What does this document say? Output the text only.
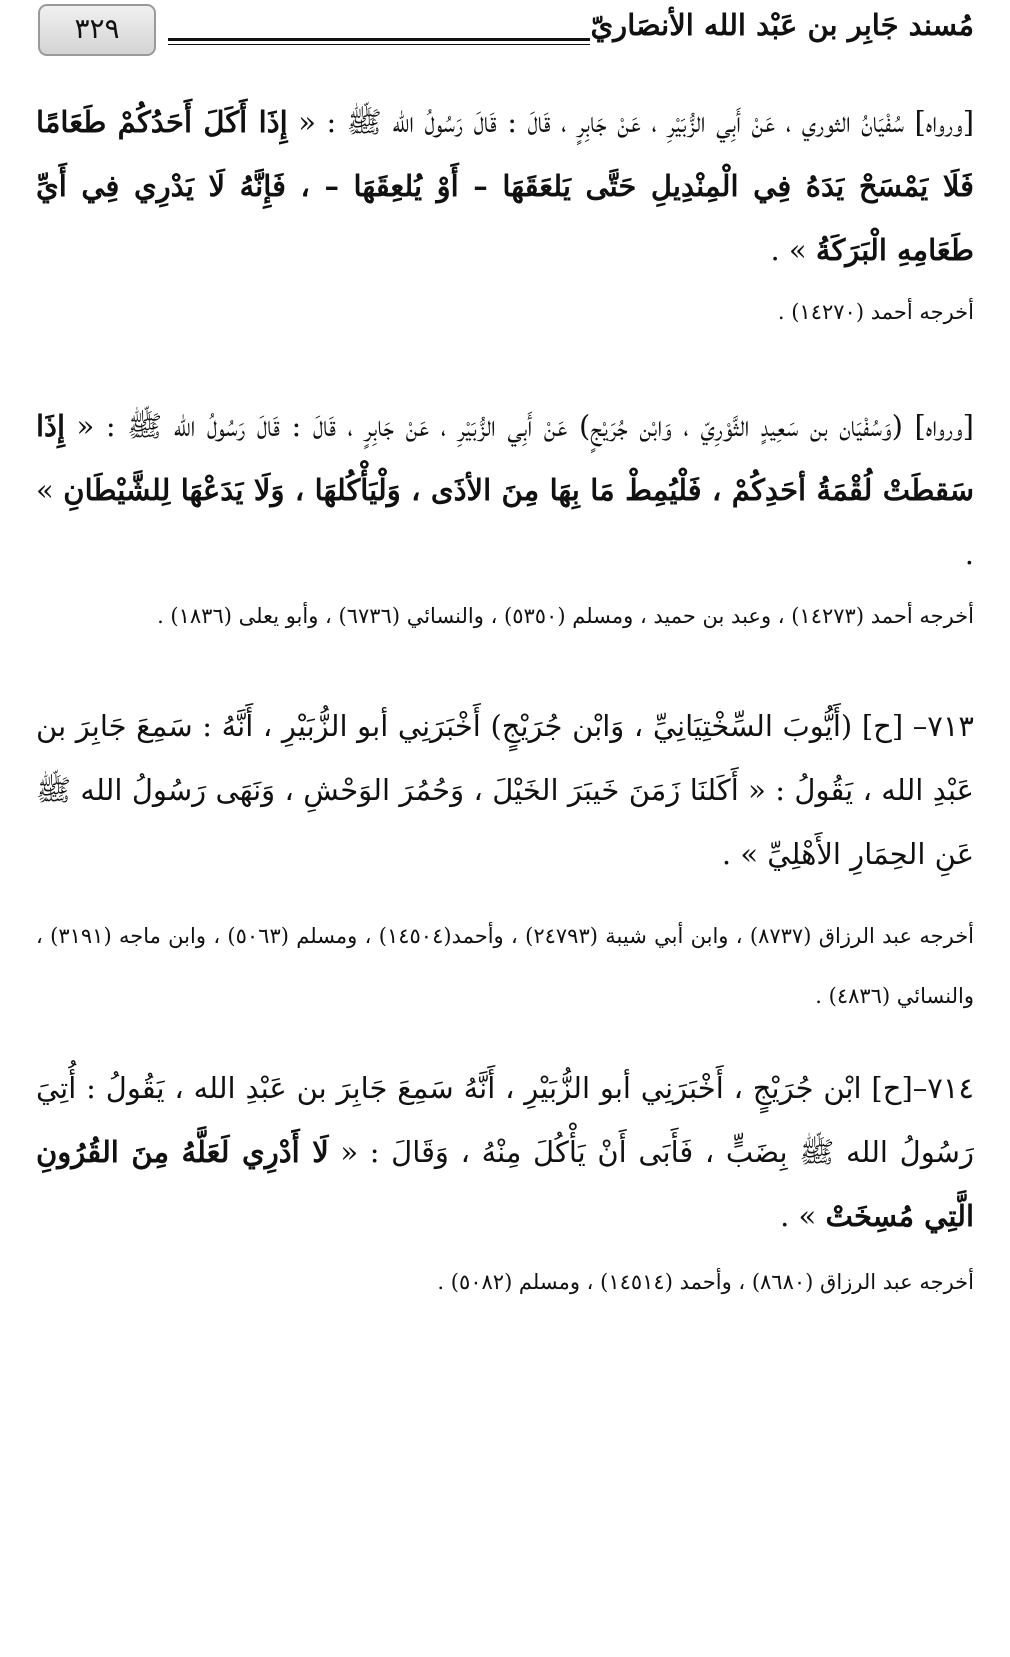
٣٢٩	مُسند جَابِر بن عَبْد الله الأنصَاريّ

[ورواه] سُفْيَانُ الثوري ، عَنْ أَبِي الزُّبَيْرِ ، عَنْ جَابِرٍ ، قَالَ : قَالَ رَسُولُ الله ﷺ : « إِذَا أَكَلَ أَحَدُكُمْ طَعَامًا فَلَا يَمْسَحْ يَدَهُ فِي الْمِنْدِيلِ حَتَّى يَلعَقَهَا – أَوْ يُلعِقَهَا – ، فَإِنَّهُ لَا يَدْرِي فِي أَيِّ طَعَامِهِ الْبَرَكَةُ » .

أخرجه أحمد (١٤٢٧٠) .

[ورواه] (وَسُفْيَان بن سَعِيدٍ الثَّوْرِيّ ، وَابْن جُرَيْجٍ) عَنْ أَبِي الزُّبَيْرِ ، عَنْ جَابِرٍ ، قَالَ : قَالَ رَسُولُ الله ﷺ : « إِذَا سَقطَتْ لُقْمَةُ أحَدِكُمْ ، فَلْيُمِطْ مَا بِهَا مِنَ الأذَى ، وَلْيَأْكُلهَا ، وَلَا يَدَعْهَا لِلشَّيْطَانِ » .

أخرجه أحمد (١٤٢٧٣) ، وعبد بن حميد ، ومسلم (٥٣٥٠) ، والنسائي (٦٧٣٦) ، وأبو يعلى (١٨٣٦) .

٧١٣– [ح] (أَيُّوبَ السِّخْتِيَانِيِّ ، وَابْن جُرَيْجٍ) أَخْبَرَنِي أبو الزُّبَيْرِ ، أَنَّهُ : سَمِعَ جَابِرَ بن عَبْدِ الله ، يَقُولُ : « أَكَلنَا زَمَنَ خَيبَرَ الخَيْلَ ، وَحُمُرَ الوَحْشِ ، وَنَهَى رَسُولُ الله ﷺ عَنِ الحِمَارِ الأَهْلِيِّ » .

أخرجه عبد الرزاق (٨٧٣٧) ، وابن أبي شيبة (٢٤٧٩٣) ، وأحمد(١٤٥٠٤) ، ومسلم (٥٠٦٣) ، وابن ماجه (٣١٩١) ، والنسائي (٤٨٣٦) .

٧١٤–[ح] ابْن جُرَيْجٍ ، أَخْبَرَنِي أبو الزُّبَيْرِ ، أَنَّهُ سَمِعَ جَابِرَ بن عَبْدِ الله ، يَقُولُ : أُتِيَ رَسُولُ الله ﷺ بِضَبٍّ ، فَأَبَى أَنْ يَأْكُلَ مِنْهُ ، وَقَالَ : « لَا أَدْرِي لَعَلَّهُ مِنَ القُرُونِ الَّتِي مُسِخَتْ » .

أخرجه عبد الرزاق (٨٦٨٠) ، وأحمد (١٤٥١٤) ، ومسلم (٥٠٨٢) .
